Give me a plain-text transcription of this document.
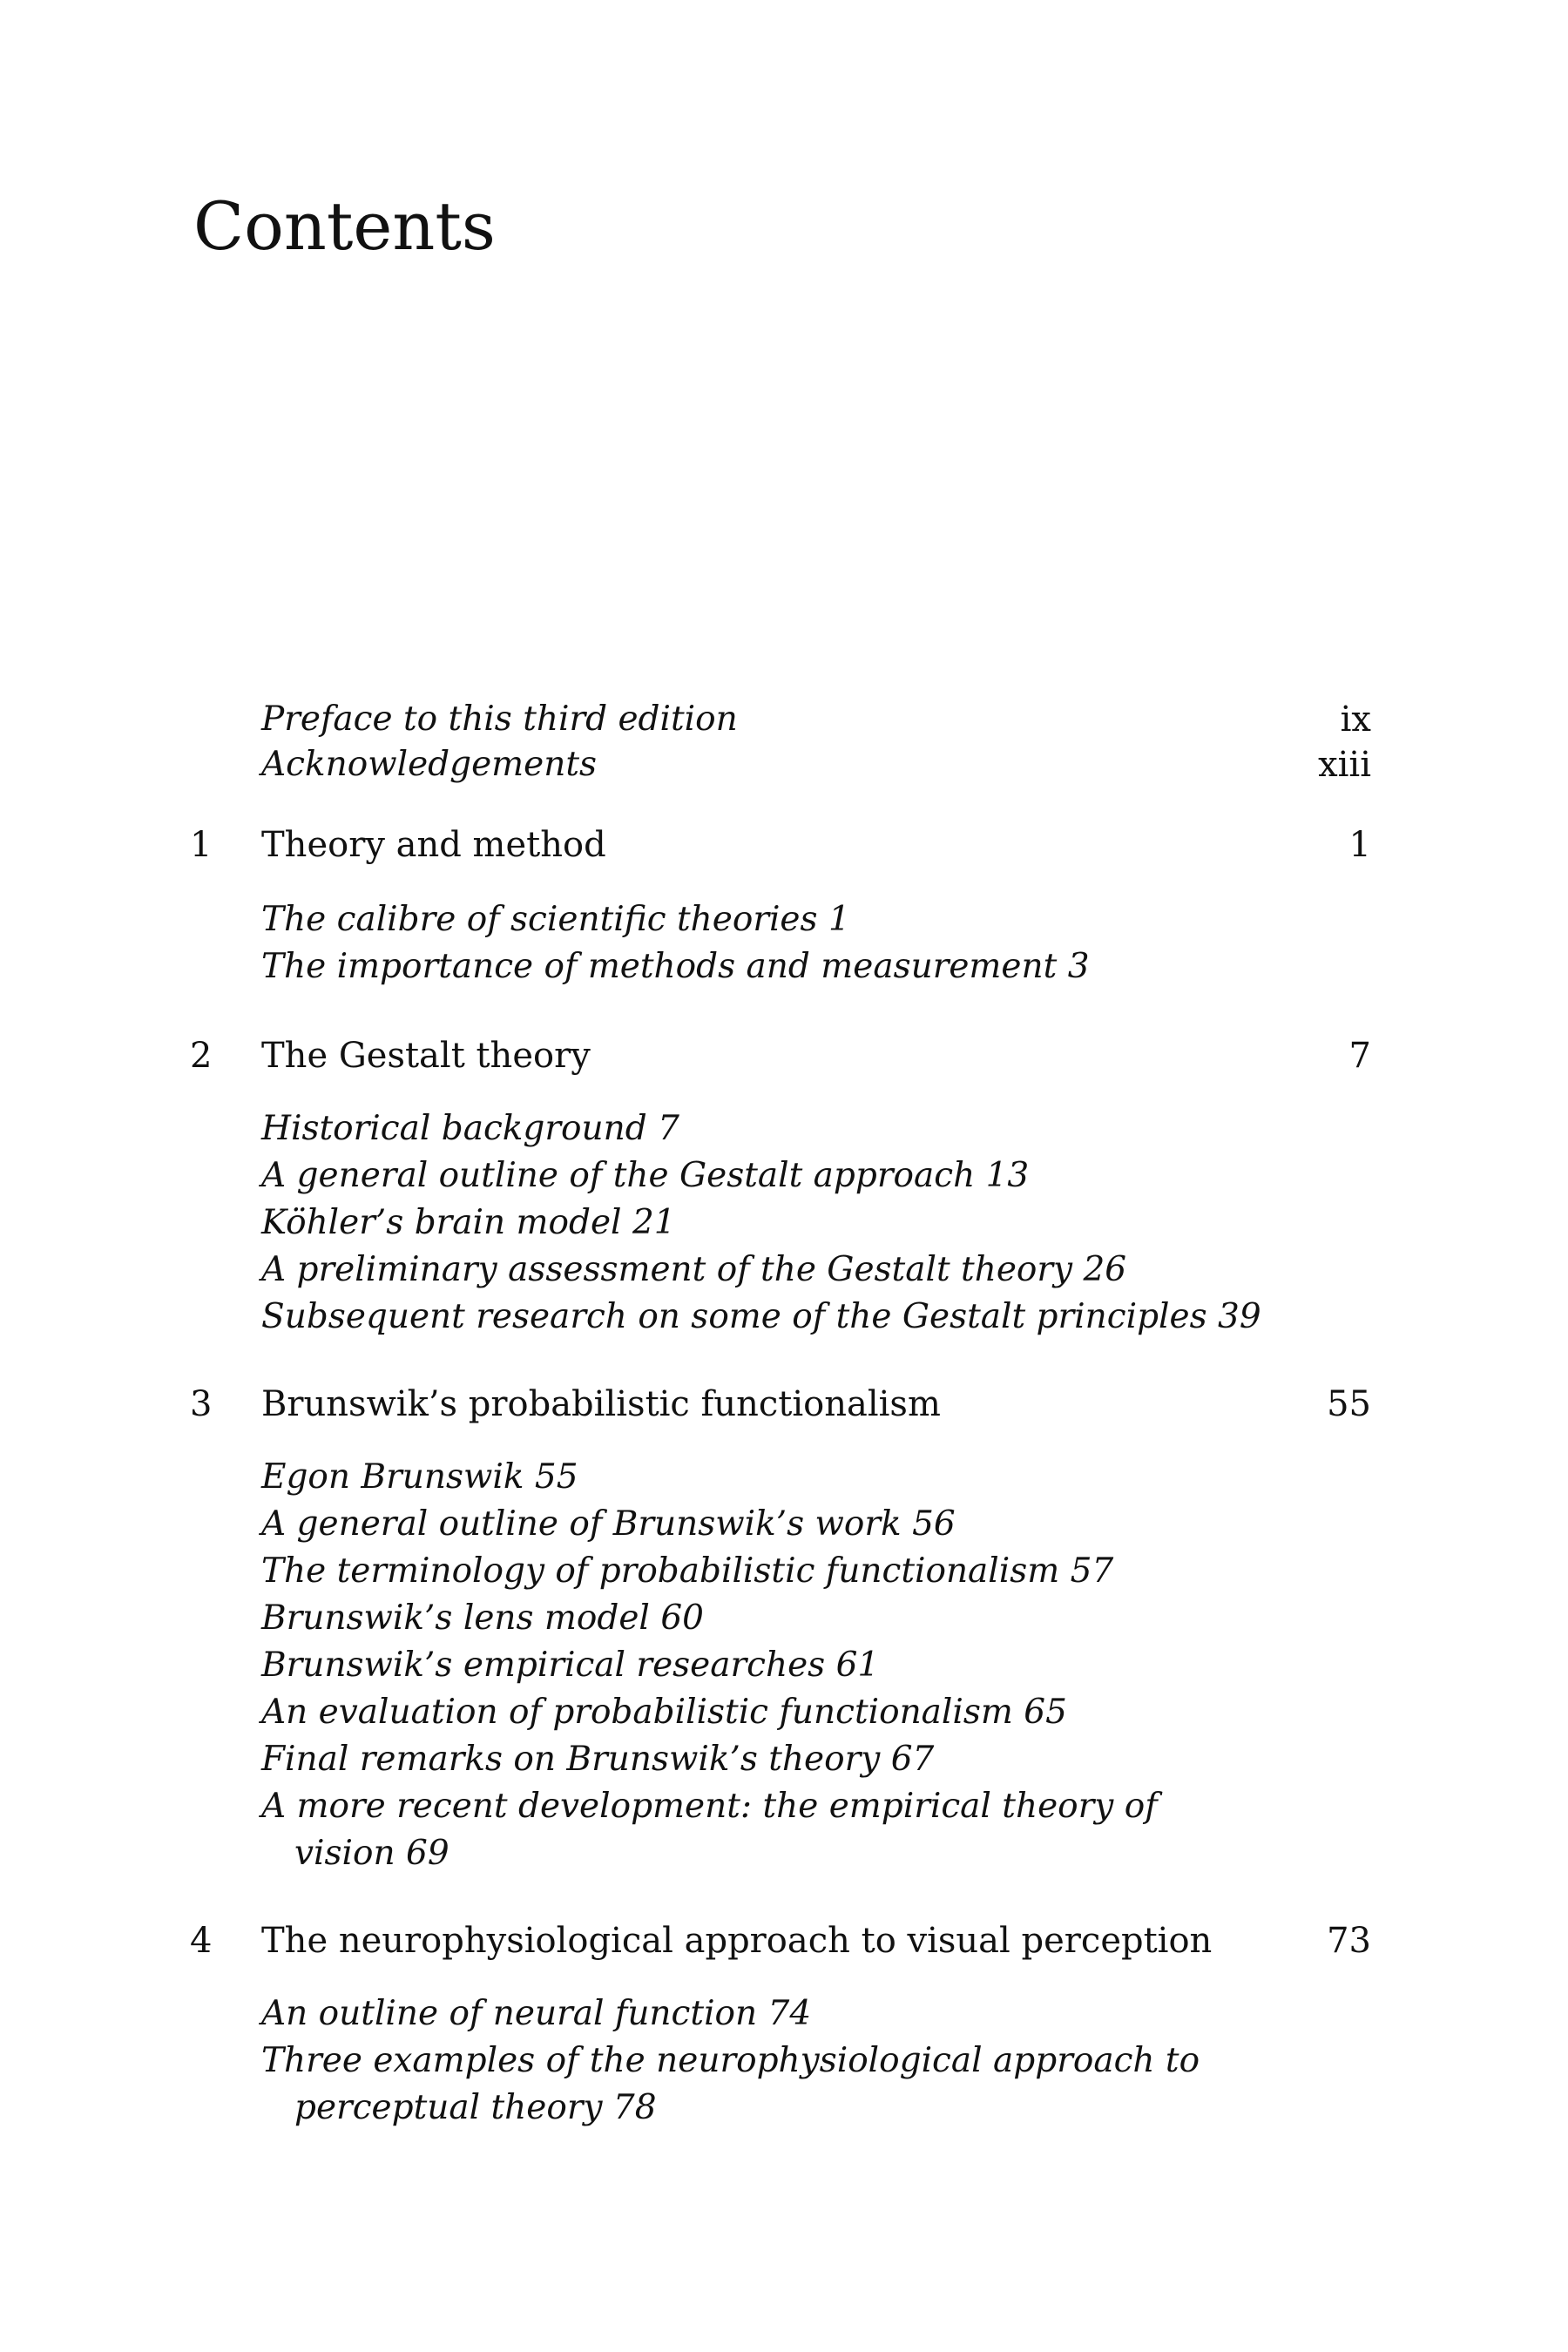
Contents
Preface to this third edition	ix
Acknowledgements	xiii
1 Theory and method	1
The calibre of scientific theories 1
The importance of methods and measurement 3
2 The Gestalt theory	7
Historical background 7
A general outline of the Gestalt approach 13
Köhler’s brain model 21
A preliminary assessment of the Gestalt theory 26
Subsequent research on some of the Gestalt principles 39
3 Brunswik’s probabilistic functionalism	55
Egon Brunswik 55
A general outline of Brunswik’s work 56
The terminology of probabilistic functionalism 57
Brunswik’s lens model 60
Brunswik’s empirical researches 61
An evaluation of probabilistic functionalism 65
Final remarks on Brunswik’s theory 67
A more recent development: the empirical theory of
vision 69
4 The neurophysiological approach to visual perception	73
An outline of neural function 74
Three examples of the neurophysiological approach to
perceptual theory 78
